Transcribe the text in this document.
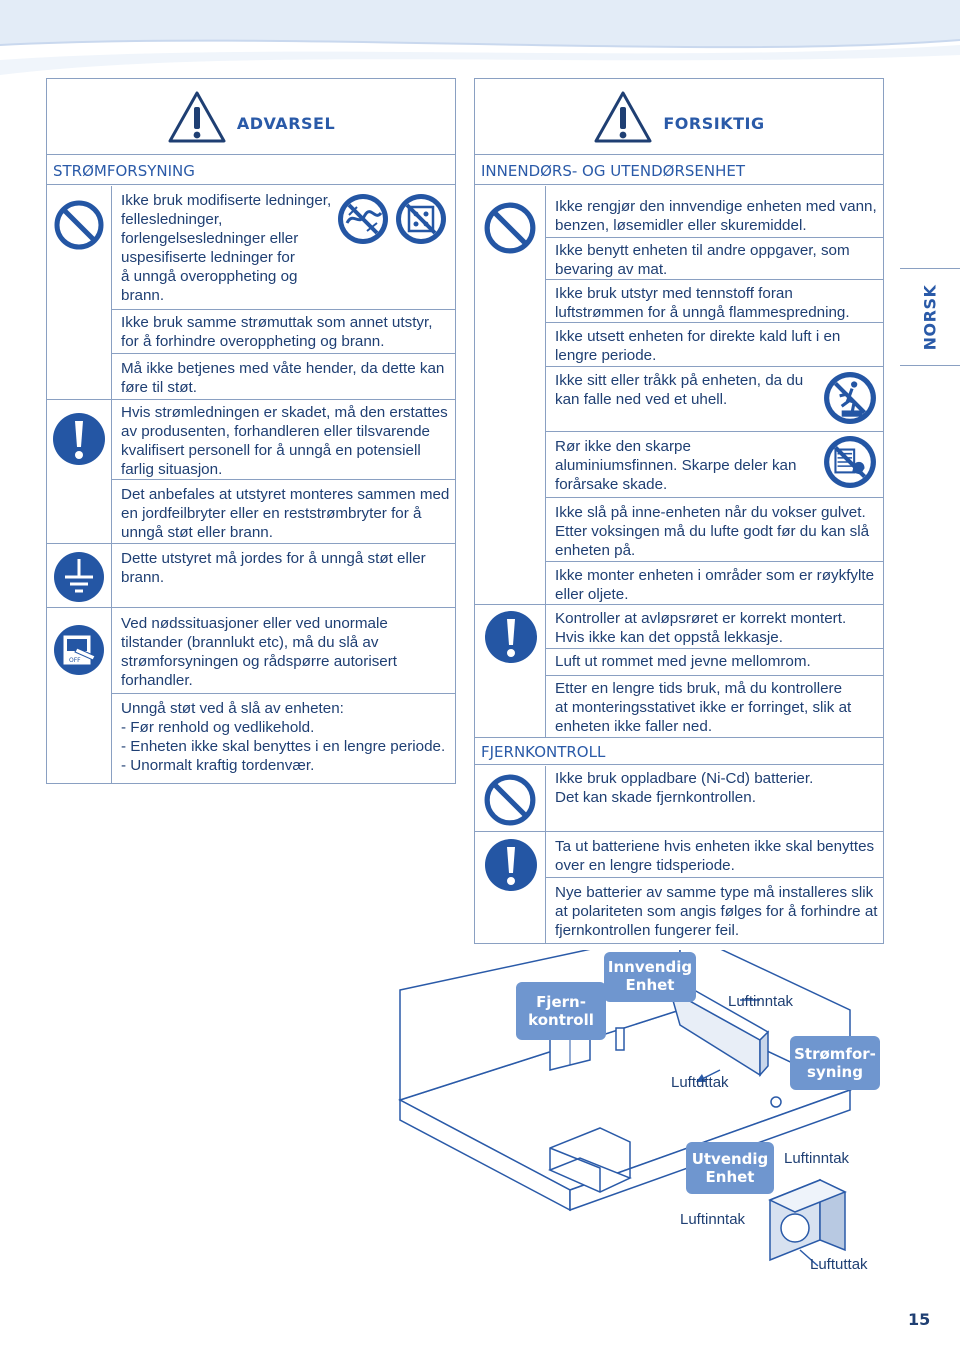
ADVARSEL
STRØMFORSYNING
OFF
Ikke bruk modifiserte ledninger,
fellesledninger,
forlengelsesledninger eller
uspesifiserte ledninger for
å unngå overoppheting og
brann.
Ikke bruk samme strømuttak som annet utstyr,
for å forhindre overoppheting og brann.
Må ikke betjenes med våte hender, da dette kan
føre til støt.
Hvis strømledningen er skadet, må den erstattes
av produsenten, forhandleren eller tilsvarende
kvalifisert personell for å unngå en potensiell
farlig situasjon.
Det anbefales at utstyret monteres sammen med
en jordfeilbryter eller en reststrømbryter for å
unngå støt eller brann.
Dette utstyret må jordes for å unngå støt eller
brann.
Ved nødssituasjoner eller ved unormale
tilstander (brannlukt etc), må du slå av
strømforsyningen og rådspørre autorisert
forhandler.
Unngå støt ved å slå av enheten:
- Før renhold og vedlikehold.
- Enheten ikke skal benyttes i en lengre periode.
- Unormalt kraftig tordenvær.
FORSIKTIG
INNENDØRS- OG UTENDØRSENHET
Ikke rengjør den innvendige enheten med vann,
benzen, løsemidler eller skuremiddel.
Ikke benytt enheten til andre oppgaver, som
bevaring av mat.
Ikke bruk utstyr med tennstoff foran
luftstrømmen for å unngå flammespredning.
Ikke utsett enheten for direkte kald luft i en
lengre periode.
Ikke sitt eller tråkk på enheten, da du
kan falle ned ved et uhell.
Rør ikke den skarpe
aluminiumsfinnen. Skarpe deler kan
forårsake skade.
Ikke slå på inne-enheten når du vokser gulvet.
Etter voksingen må du lufte godt før du kan slå
enheten på.
Ikke monter enheten i områder som er røykfylte
eller oljete.
Kontroller at avløpsrøret er korrekt montert.
Hvis ikke kan det oppstå lekkasje.
Luft ut rommet med jevne mellomrom.
Etter en lengre tids bruk, må du kontrollere
at monteringsstativet ikke er forringet, slik at
enheten ikke faller ned.
FJERNKONTROLL
Ikke bruk oppladbare (Ni-Cd) batterier.
Det kan skade fjernkontrollen.
Ta ut batteriene hvis enheten ikke skal benyttes
over en lengre tidsperiode.
Nye batterier av samme type må installeres slik
at polariteten som angis følges for å forhindre at
fjernkontrollen fungerer feil.
NORSK
Fjern-
kontroll
Innvendig
Enhet
Strømfor-
syning
Utvendig
Enhet
Luftinntak
Luftuttak
Luftinntak
Luftinntak
Luftuttak
15
